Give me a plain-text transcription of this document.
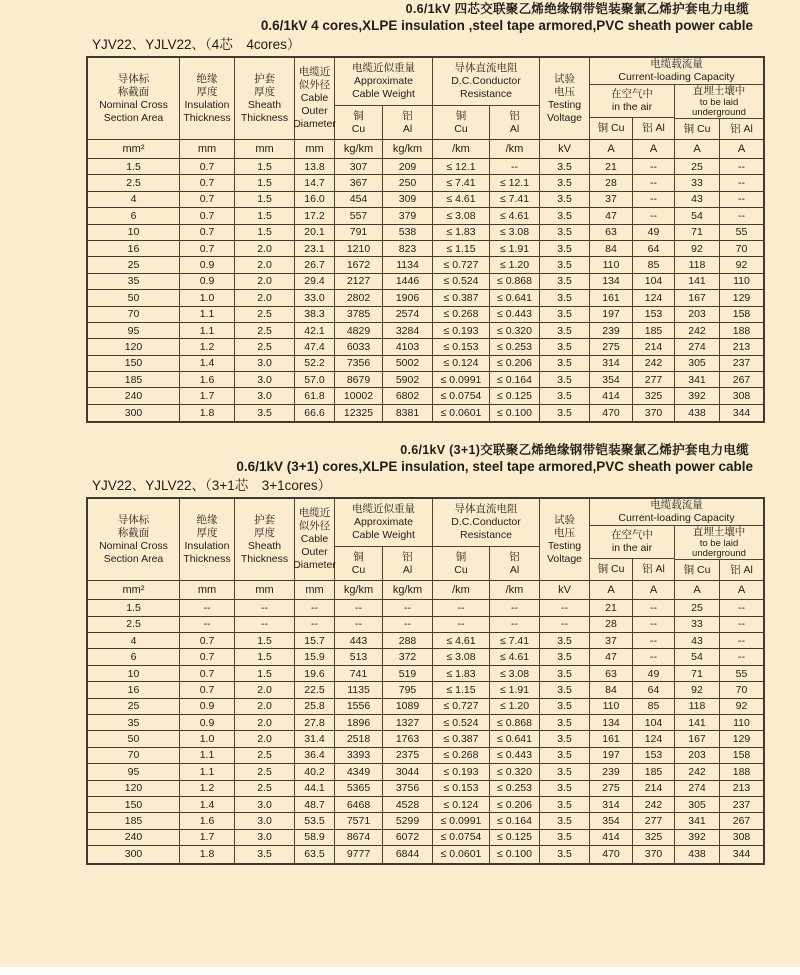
0.6/1kV 四芯交联聚乙烯绝缘钢带铠装聚氯乙烯护套电力电缆
0.6/1kV 4 cores,XLPE insulation ,steel tape armored,PVC sheath power cable
YJV22、YJLV22、（4芯　4cores）
导体标
称截面
Nominal Cross
Section Area
绝缘
厚度
Insulation
Thickness
护套
厚度
Sheath
Thickness
电缆近
似外径
Cable
Outer
Diameter
电缆近似重量
Approximate
Cable Weight
铜
Cu
铝
Al
导体直流电阻
D.C.Conductor
Resistance
铜
Cu
铝
Al
试验
电压
Testing
Voltage
电缆载流量
Current-loading Capacity
在空气中
in the air
铜 Cu 铝 Al
直埋土壤中
to be laid
underground
铜 Cu 铝 Al
mm²	mm	mm	mm	kg/km	kg/km	/km	/km	kV	A	A	A	A
1.5	0.7	1.5	13.8	307	209	≤ 12.1	--	3.5	21	--	25	--
2.5	0.7	1.5	14.7	367	250	≤ 7.41	≤ 12.1	3.5	28	--	33	--
4	0.7	1.5	16.0	454	309	≤ 4.61	≤ 7.41	3.5	37	--	43	--
6	0.7	1.5	17.2	557	379	≤ 3.08	≤ 4.61	3.5	47	--	54	--
10	0.7	1.5	20.1	791	538	≤ 1.83	≤ 3.08	3.5	63	49	71	55
16	0.7	2.0	23.1	1210	823	≤ 1.15	≤ 1.91	3.5	84	64	92	70
25	0.9	2.0	26.7	1672	1134	≤ 0.727	≤ 1.20	3.5	110	85	118	92
35	0.9	2.0	29.4	2127	1446	≤ 0.524	≤ 0.868	3.5	134	104	141	110
50	1.0	2.0	33.0	2802	1906	≤ 0.387	≤ 0.641	3.5	161	124	167	129
70	1.1	2.5	38.3	3785	2574	≤ 0.268	≤ 0.443	3.5	197	153	203	158
95	1.1	2.5	42.1	4829	3284	≤ 0.193	≤ 0.320	3.5	239	185	242	188
120	1.2	2.5	47.4	6033	4103	≤ 0.153	≤ 0.253	3.5	275	214	274	213
150	1.4	3.0	52.2	7356	5002	≤ 0.124	≤ 0.206	3.5	314	242	305	237
185	1.6	3.0	57.0	8679	5902	≤ 0.0991	≤ 0.164	3.5	354	277	341	267
240	1.7	3.0	61.8	10002	6802	≤ 0.0754	≤ 0.125	3.5	414	325	392	308
300	1.8	3.5	66.6	12325	8381	≤ 0.0601	≤ 0.100	3.5	470	370	438	344
0.6/1kV (3+1)交联聚乙烯绝缘钢带铠装聚氯乙烯护套电力电缆
0.6/1kV (3+1) cores,XLPE insulation, steel tape armored,PVC sheath power cable
YJV22、YJLV22、（3+1芯　3+1cores）
导体标
称截面
Nominal Cross
Section Area
绝缘
厚度
Insulation
Thickness
护套
厚度
Sheath
Thickness
电缆近
似外径
Cable
Outer
Diameter
电缆近似重量
Approximate
Cable Weight
铜
Cu
铝
Al
导体直流电阻
D.C.Conductor
Resistance
铜
Cu
铝
Al
试验
电压
Testing
Voltage
电缆载流量
Current-loading Capacity
在空气中
in the air
铜 Cu 铝 Al
直埋土壤中
to be laid
underground
铜 Cu 铝 Al
mm²	mm	mm	mm	kg/km	kg/km	/km	/km	kV	A	A	A	A
1.5	--	--	--	--	--	--	--	--	21	--	25	--
2.5	--	--	--	--	--	--	--	--	28	--	33	--
4	0.7	1.5	15.7	443	288	≤ 4.61	≤ 7.41	3.5	37	--	43	--
6	0.7	1.5	15.9	513	372	≤ 3.08	≤ 4.61	3.5	47	--	54	--
10	0.7	1.5	19.6	741	519	≤ 1.83	≤ 3.08	3.5	63	49	71	55
16	0.7	2.0	22.5	1135	795	≤ 1.15	≤ 1.91	3.5	84	64	92	70
25	0.9	2.0	25.8	1556	1089	≤ 0.727	≤ 1.20	3.5	110	85	118	92
35	0.9	2.0	27.8	1896	1327	≤ 0.524	≤ 0.868	3.5	134	104	141	110
50	1.0	2.0	31.4	2518	1763	≤ 0.387	≤ 0.641	3.5	161	124	167	129
70	1.1	2.5	36.4	3393	2375	≤ 0.268	≤ 0.443	3.5	197	153	203	158
95	1.1	2.5	40.2	4349	3044	≤ 0.193	≤ 0.320	3.5	239	185	242	188
120	1.2	2.5	44.1	5365	3756	≤ 0.153	≤ 0.253	3.5	275	214	274	213
150	1.4	3.0	48.7	6468	4528	≤ 0.124	≤ 0.206	3.5	314	242	305	237
185	1.6	3.0	53.5	7571	5299	≤ 0.0991	≤ 0.164	3.5	354	277	341	267
240	1.7	3.0	58.9	8674	6072	≤ 0.0754	≤ 0.125	3.5	414	325	392	308
300	1.8	3.5	63.5	9777	6844	≤ 0.0601	≤ 0.100	3.5	470	370	438	344
